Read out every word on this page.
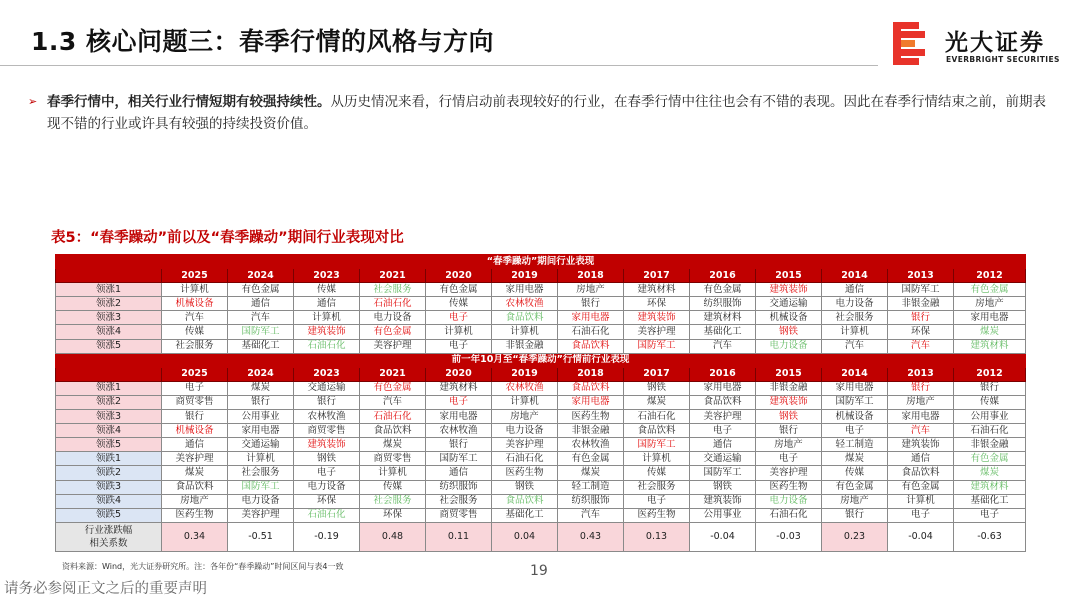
1.3 核心问题三：春季行情的风格与方向	光大证券
EVERBRIGHT SECURITIES
➢ 春季行情中，相关行业行情短期有较强持续性。从历史情况来看，行情启动前表现较好的行业，在春季行情中往往也会有不错的表现。因此在春季行情结束之前，前期表现不错的行业或许具有较强的持续投资价值。
表5：“春季躁动”前以及“春季躁动”期间行业表现对比
“春季躁动”期间行业表现													
	2025	2024	2023	2021	2020	2019	2018	2017	2016	2015	2014	2013	2012
领涨1	计算机	有色金属	传媒	社会服务	有色金属	家用电器	房地产	建筑材料	有色金属	建筑装饰	通信	国防军工	有色金属
领涨2	机械设备	通信	通信	石油石化	传媒	农林牧渔	银行	环保	纺织服饰	交通运输	电力设备	非银金融	房地产
领涨3	汽车	汽车	计算机	电力设备	电子	食品饮料	家用电器	建筑装饰	建筑材料	机械设备	社会服务	银行	家用电器
领涨4	传媒	国防军工	建筑装饰	有色金属	计算机	计算机	石油石化	美容护理	基础化工	钢铁	计算机	环保	煤炭
领涨5	社会服务	基础化工	石油石化	美容护理	电子	非银金融	食品饮料	国防军工	汽车	电力设备	汽车	汽车	建筑材料
前一年10月至“春季躁动”行情前行业表现													
	2025	2024	2023	2021	2020	2019	2018	2017	2016	2015	2014	2013	2012
领涨1	电子	煤炭	交通运输	有色金属	建筑材料	农林牧渔	食品饮料	钢铁	家用电器	非银金融	家用电器	银行	银行
领涨2	商贸零售	银行	银行	汽车	电子	计算机	家用电器	煤炭	食品饮料	建筑装饰	国防军工	房地产	传媒
领涨3	银行	公用事业	农林牧渔	石油石化	家用电器	房地产	医药生物	石油石化	美容护理	钢铁	机械设备	家用电器	公用事业
领涨4	机械设备	家用电器	商贸零售	食品饮料	农林牧渔	电力设备	非银金融	食品饮料	电子	银行	电子	汽车	石油石化
领涨5	通信	交通运输	建筑装饰	煤炭	银行	美容护理	农林牧渔	国防军工	通信	房地产	轻工制造	建筑装饰	非银金融
领跌1	美容护理	计算机	钢铁	商贸零售	国防军工	石油石化	有色金属	计算机	交通运输	电子	煤炭	通信	有色金属
领跌2	煤炭	社会服务	电子	计算机	通信	医药生物	煤炭	传媒	国防军工	美容护理	传媒	食品饮料	煤炭
领跌3	食品饮料	国防军工	电力设备	传媒	纺织服饰	钢铁	轻工制造	社会服务	钢铁	医药生物	有色金属	有色金属	建筑材料
领跌4	房地产	电力设备	环保	社会服务	社会服务	食品饮料	纺织服饰	电子	建筑装饰	电力设备	房地产	计算机	基础化工
领跌5	医药生物	美容护理	石油石化	环保	商贸零售	基础化工	汽车	医药生物	公用事业	石油石化	银行	电子	电子
行业涨跌幅
相关系数	0.34	-0.51	-0.19	0.48	0.11	0.04	0.43	0.13	-0.04	-0.03	0.23	-0.04	-0.63
资料来源：Wind，光大证券研究所。注：各年份“春季躁动”时间区间与表4一致	19
请务必参阅正文之后的重要声明
